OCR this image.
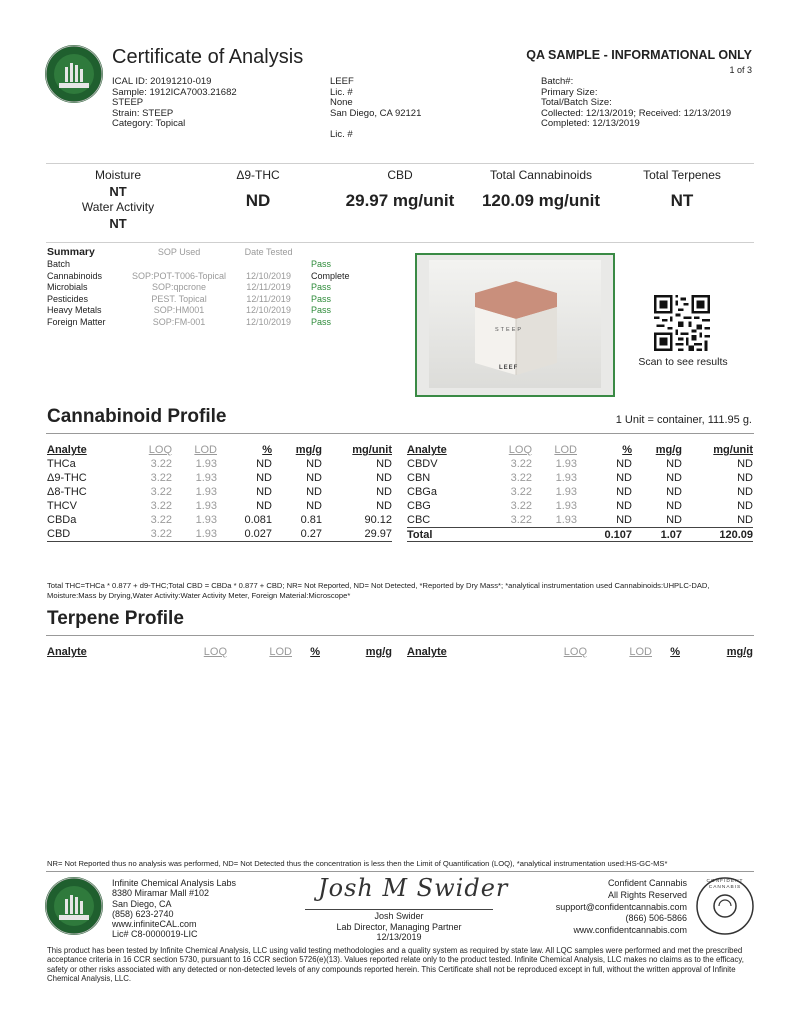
Certificate of Analysis	QA SAMPLE - INFORMATIONAL ONLY
1 of 3
ICAL ID: 20191210-019
Sample: 1912ICA7003.21682
STEEP
Strain: STEEP
Category: Topical
LEEF
Lic. #
None
San Diego, CA 92121
Lic. #
Batch#:
Primary Size:
Total/Batch Size:
Collected: 12/13/2019; Received: 12/13/2019
Completed: 12/13/2019
Moisture
NT
Water Activity
NT
Δ9-THC
ND
CBD
29.97 mg/unit
Total Cannabinoids
120.09 mg/unit
Total Terpenes
NT
Summary	SOP Used	Date Tested	
Batch			Pass
Cannabinoids	SOP:POT-T006-Topical	12/10/2019	Complete
Microbials	SOP:qpcrone	12/11/2019	Pass
Pesticides	PEST. Topical	12/11/2019	Pass
Heavy Metals	SOP:HM001	12/10/2019	Pass
Foreign Matter	SOP:FM-001	12/10/2019	Pass
STEEP
LEEF	Scan to see results
Cannabinoid Profile	1 Unit = container, 111.95 g.
Analyte	LOQ	LOD	%	mg/g	mg/unit
THCa	3.22	1.93	ND	ND	ND
Δ9-THC	3.22	1.93	ND	ND	ND
Δ8-THC	3.22	1.93	ND	ND	ND
THCV	3.22	1.93	ND	ND	ND
CBDa	3.22	1.93	0.081	0.81	90.12
CBD	3.22	1.93	0.027	0.27	29.97
Analyte	LOQ	LOD	%	mg/g	mg/unit
CBDV	3.22	1.93	ND	ND	ND
CBN	3.22	1.93	ND	ND	ND
CBGa	3.22	1.93	ND	ND	ND
CBG	3.22	1.93	ND	ND	ND
CBC	3.22	1.93	ND	ND	ND
Total			0.107	1.07	120.09
Total THC=THCa * 0.877 + d9-THC;Total CBD = CBDa * 0.877 + CBD; NR= Not Reported, ND= Not Detected, *Reported by Dry Mass*; *analytical instrumentation used Cannabinoids:UHPLC-DAD, Moisture:Mass by Drying,Water Activity:Water Activity Meter, Foreign Material:Microscope*
Terpene Profile
Analyte	LOQ	LOD	%	mg/g Analyte	LOQ	LOD	%	mg/g
NR= Not Reported thus no analysis was performed, ND= Not Detected thus the concentration is less then the Limit of Quantification (LOQ), *analytical instrumentation used:HS-GC-MS*
Infinite Chemical Analysis Labs
8380 Miramar Mall #102
San Diego, CA
(858) 623-2740
www.infiniteCAL.com
Lic# C8-0000019-LIC
Josh M Swider
Josh Swider
Lab Director, Managing Partner
12/13/2019
Confident Cannabis
All Rights Reserved
support@confidentcannabis.com
(866) 506-5866
www.confidentcannabis.com
CONFIDENT CANNABIS
This product has been tested by Infinite Chemical Analysis, LLC using valid testing methodologies and a quality system as required by state law. All LQC samples were performed and met the prescribed acceptance criteria in 16 CCR section 5730, pursuant to 16 CCR section 5726(e)(13). Values reported relate only to the product tested. Infinite Chemical Analysis, LLC makes no claims as to the efficacy, safety or other risks associated with any detected or non-detected levels of any compounds reported herein. This Certificate shall not be reproduced except in full, without the written approval of Infinite Chemical Analysis, LLC.
